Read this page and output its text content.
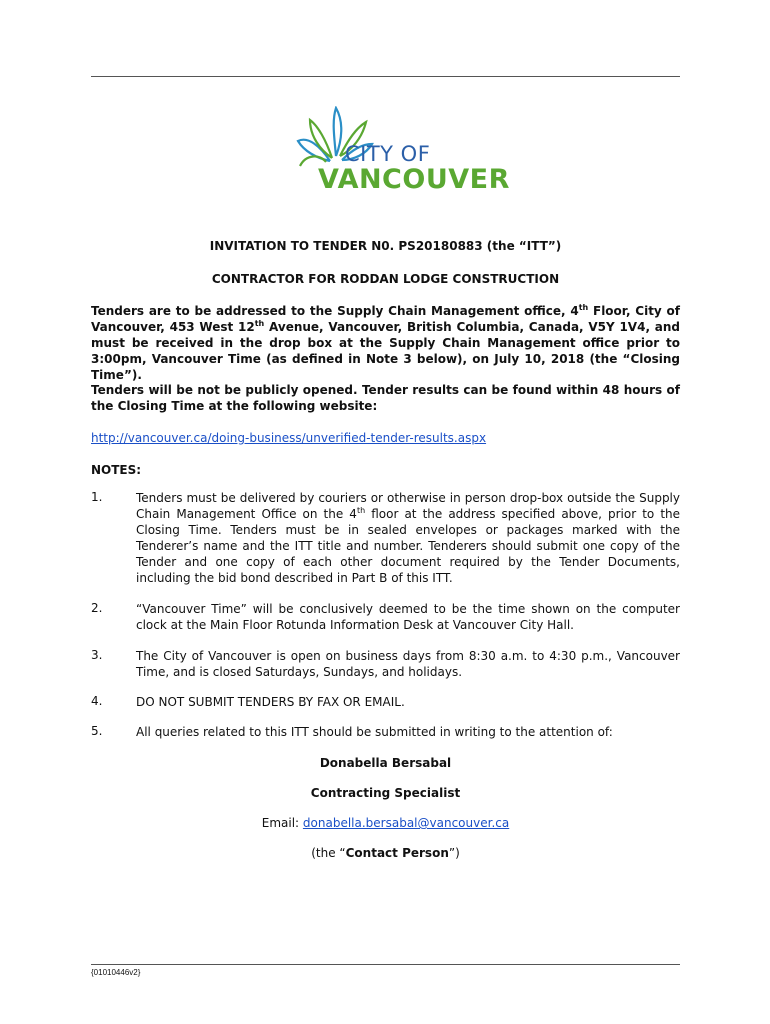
CITY OF
VANCOUVER
INVITATION TO TENDER N0. PS20180883 (the “ITT”)
CONTRACTOR FOR RODDAN LODGE CONSTRUCTION
Tenders are to be addressed to the Supply Chain Management office, 4th Floor, City of Vancouver, 453 West 12th Avenue, Vancouver, British Columbia, Canada, V5Y 1V4, and must be received in the drop box at the Supply Chain Management office prior to 3:00pm, Vancouver Time (as defined in Note 3 below), on July 10, 2018 (the “Closing Time”).
Tenders will be not be publicly opened. Tender results can be found within 48 hours of the Closing Time at the following website:
http://vancouver.ca/doing-business/unverified-tender-results.aspx
NOTES:
1.	Tenders must be delivered by couriers or otherwise in person drop-box outside the Supply Chain Management Office on the 4th floor at the address specified above, prior to the Closing Time. Tenders must be in sealed envelopes or packages marked with the Tenderer’s name and the ITT title and number. Tenderers should submit one copy of the Tender and one copy of each other document required by the Tender Documents, including the bid bond described in Part B of this ITT.
2.	“Vancouver Time” will be conclusively deemed to be the time shown on the computer clock at the Main Floor Rotunda Information Desk at Vancouver City Hall.
3.	The City of Vancouver is open on business days from 8:30 a.m. to 4:30 p.m., Vancouver Time, and is closed Saturdays, Sundays, and holidays.
4.	DO NOT SUBMIT TENDERS BY FAX OR EMAIL.
5.	All queries related to this ITT should be submitted in writing to the attention of:
Donabella Bersabal
Contracting Specialist
Email: donabella.bersabal@vancouver.ca
(the “Contact Person”)
{01010446v2}
